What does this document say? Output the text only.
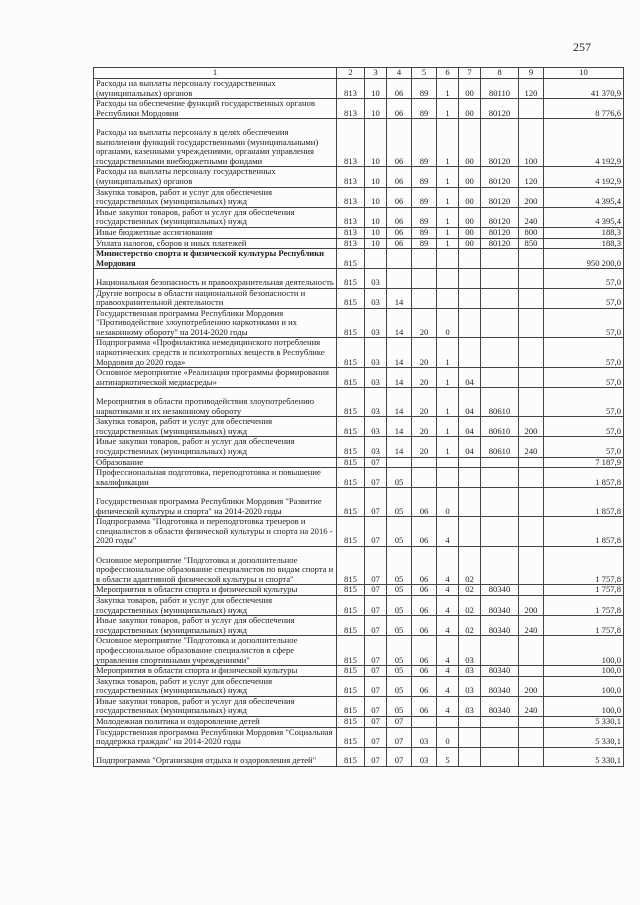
257
1	2	3	4	5	6	7	8	9	10
Расходы на выплаты персоналу государственных (муниципальных) органов	813	10	06	89	1	00	80110	120	41 370,9
Расходы на обеспечение функций государственных органов Республики Мордовия	813	10	06	89	1	00	80120		8 776,6
Расходы на выплаты персоналу в целях обеспечения выполнения функций государственными (муниципальными) органами, казенными учреждениями, органами управления государственными внебюджетными фондами	813	10	06	89	1	00	80120	100	4 192,9
Расходы на выплаты персоналу государственных (муниципальных) органов	813	10	06	89	1	00	80120	120	4 192,9
Закупка товаров, работ и услуг для обеспечения государственных (муниципальных) нужд	813	10	06	89	1	00	80120	200	4 395,4
Иные закупки товаров, работ и услуг для обеспечения государственных (муниципальных) нужд	813	10	06	89	1	00	80120	240	4 395,4
Иные бюджетные ассигнования	813	10	06	89	1	00	80120	800	188,3
Уплата налогов, сборов и иных платежей	813	10	06	89	1	00	80120	850	188,3
Министерство спорта и физической культуры Республики Мордовия	815								950 200,0
Национальная безопасность и правоохранительная деятельность	815	03							57,0
Другие вопросы в области национальной безопасности и правоохранительной деятельности	815	03	14						57,0
Государственная программа Республики Мордовия "Противодействие злоупотреблению наркотиками и их незаконному обороту" на 2014-2020 годы	815	03	14	20	0				57,0
Подпрограмма «Профилактика немедицинского потребления наркотических средств и психотропных веществ в Республике Мордовия до 2020 года»	815	03	14	20	1				57,0
Основное мероприятие «Реализация программы формирования антинаркотической медиасреды»	815	03	14	20	1	04			57,0
Мероприятия в области противодействия злоупотреблению наркотиками и их незаконному обороту	815	03	14	20	1	04	80610		57,0
Закупка товаров, работ и услуг для обеспечения государственных (муниципальных) нужд	815	03	14	20	1	04	80610	200	57,0
Иные закупки товаров, работ и услуг для обеспечения государственных (муниципальных) нужд	815	03	14	20	1	04	80610	240	57,0
Образование	815	07							7 187,9
Профессиональная подготовка, переподготовка и повышение квалификации	815	07	05						1 857,8
Государственная программа Республики Мордовия "Развитие физической культуры и спорта" на 2014-2020 годы	815	07	05	06	0				1 857,8
Подпрограмма "Подготовка и переподготовка тренеров и специалистов в области физической культуры и спорта на 2016 - 2020 годы"	815	07	05	06	4				1 857,8
Основное мероприятие "Подготовка и дополнительное профессиональное образование специалистов по видам спорта и в области адаптивной физической культуры и спорта"	815	07	05	06	4	02			1 757,8
Мероприятия в области спорта и физической культуры	815	07	05	06	4	02	80340		1 757,8
Закупка товаров, работ и услуг для обеспечения государственных (муниципальных) нужд	815	07	05	06	4	02	80340	200	1 757,8
Иные закупки товаров, работ и услуг для обеспечения государственных (муниципальных) нужд	815	07	05	06	4	02	80340	240	1 757,8
Основное мероприятие "Подготовка и дополнительное профессиональное образование специалистов в сфере управления спортивными учреждениями"	815	07	05	06	4	03			100,0
Мероприятия в области спорта и физической культуры	815	07	05	06	4	03	80340		100,0
Закупка товаров, работ и услуг для обеспечения государственных (муниципальных) нужд	815	07	05	06	4	03	80340	200	100,0
Иные закупки товаров, работ и услуг для обеспечения государственных (муниципальных) нужд	815	07	05	06	4	03	80340	240	100,0
Молодежная политика и оздоровление детей	815	07	07						5 330,1
Государственная программа Республики Мордовия "Социальная поддержка граждан" на 2014-2020 годы	815	07	07	03	0				5 330,1
Подпрограмма "Организация отдыха и оздоровления детей"	815	07	07	03	5				5 330,1
